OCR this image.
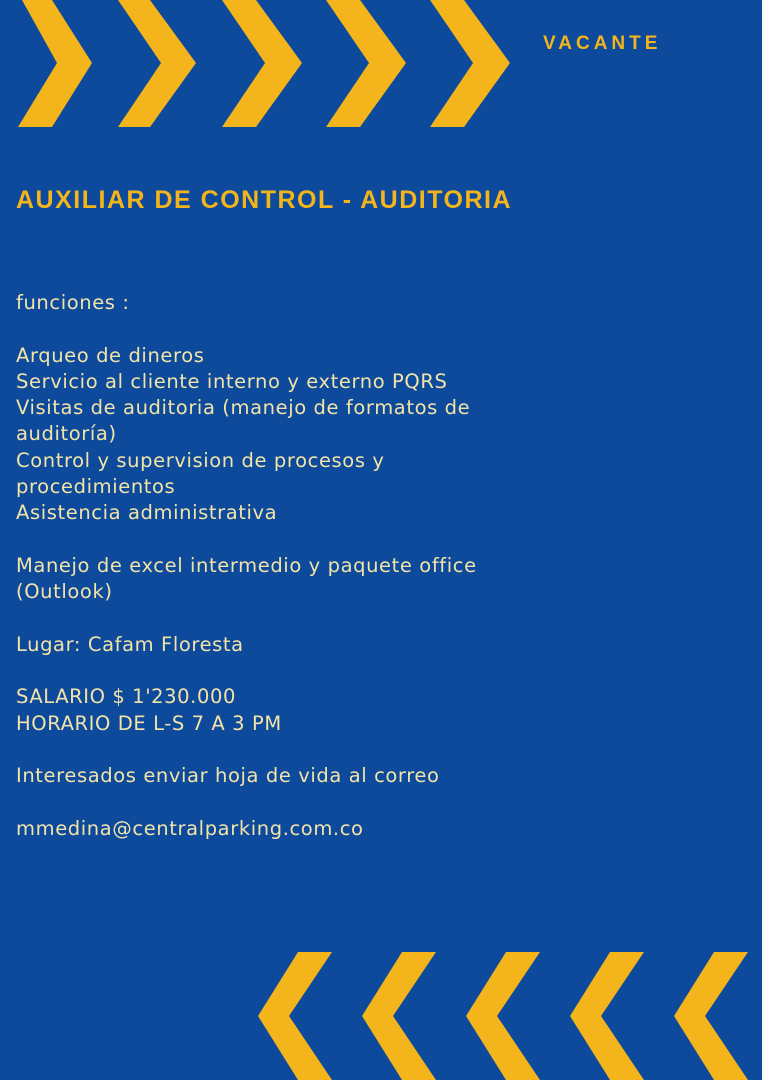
VACANTE
AUXILIAR DE CONTROL - AUDITORIA
funciones :
Arqueo de dineros
Servicio al cliente interno y externo PQRS
Visitas de auditoria (manejo de formatos de
auditoría)
Control y supervision de procesos y
procedimientos
Asistencia administrativa
Manejo de excel intermedio y paquete office
(Outlook)
Lugar: Cafam Floresta
SALARIO $ 1'230.000
HORARIO DE L-S 7 A 3 PM
Interesados enviar hoja de vida al correo
mmedina@centralparking.com.co
